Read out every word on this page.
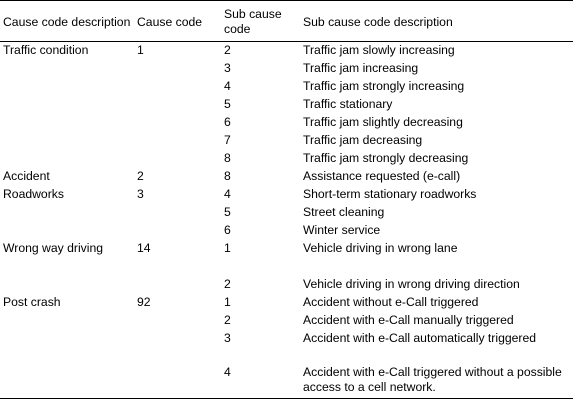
Cause code description	Cause code	Sub cause code	Sub cause code description
Traffic condition	1	2	Traffic jam slowly increasing
		3	Traffic jam increasing
		4	Traffic jam strongly increasing
		5	Traffic stationary
		6	Traffic jam slightly decreasing
		7	Traffic jam decreasing
		8	Traffic jam strongly decreasing
Accident	2	8	Assistance requested (e-call)
Roadworks	3	4	Short-term stationary roadworks
		5	Street cleaning
		6	Winter service
Wrong way driving	14	1	Vehicle driving in wrong lane
		2	Vehicle driving in wrong driving direction
Post crash	92	1	Accident without e-Call triggered
		2	Accident with e-Call manually triggered
		3	Accident with e-Call automatically triggered
		4	Accident with e-Call triggered without a possible access to a cell network.
